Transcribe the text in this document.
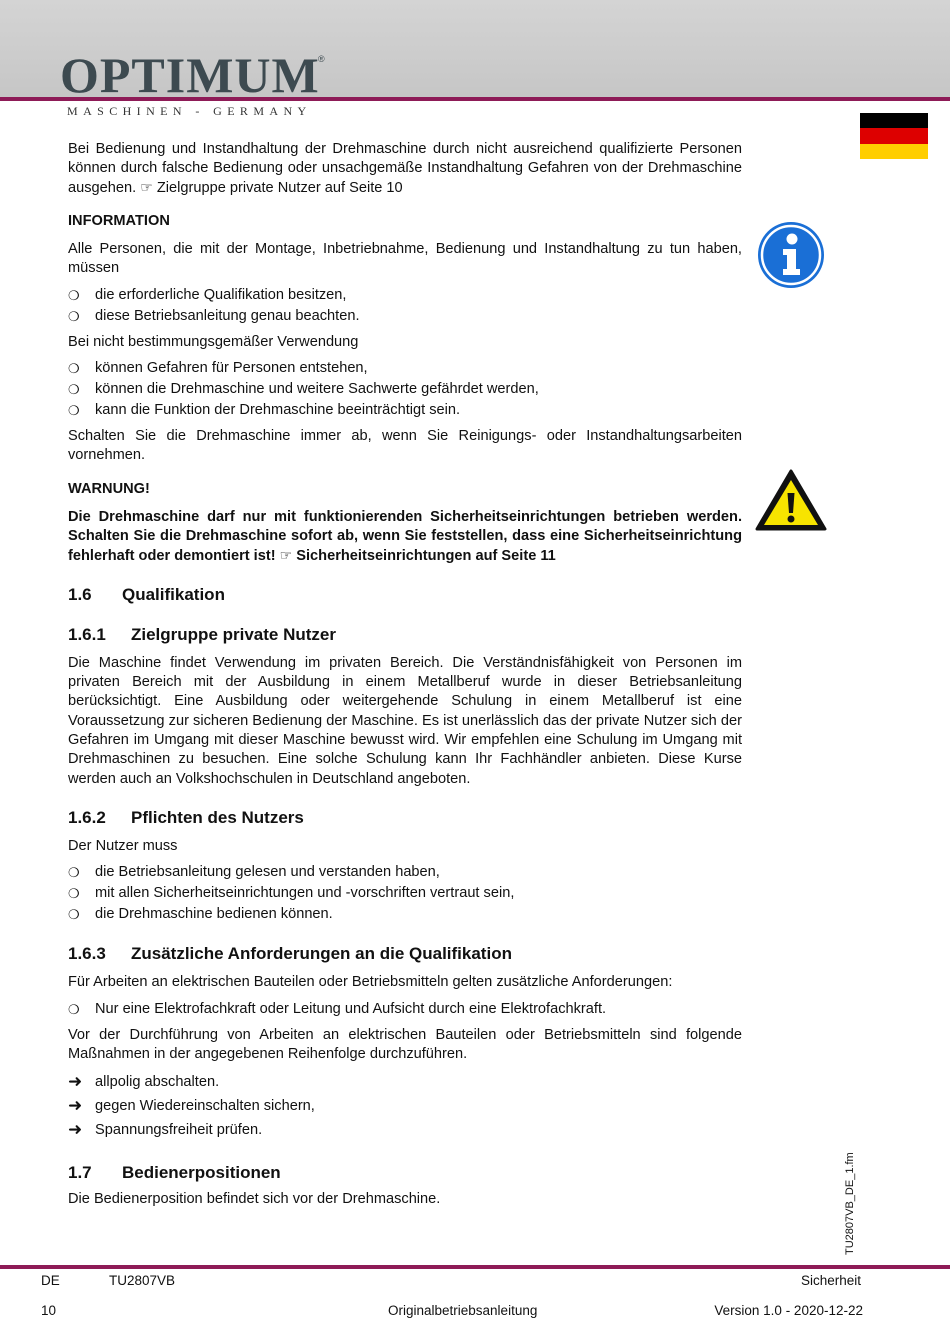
OPTIMUM
®
MASCHINEN - GERMANY

Bei Bedienung und Instandhaltung der Drehmaschine durch nicht ausreichend qualifizierte Personen können durch falsche Bedienung oder unsachgemäße Instandhaltung Gefahren von der Drehmaschine ausgehen. ☞ Zielgruppe private Nutzer auf Seite 10

INFORMATION

Alle Personen, die mit der Montage, Inbetriebnahme, Bedienung und Instandhaltung zu tun haben, müssen

❍ die erforderliche Qualifikation besitzen,
❍ diese Betriebsanleitung genau beachten.

Bei nicht bestimmungsgemäßer Verwendung

❍ können Gefahren für Personen entstehen,
❍ können die Drehmaschine und weitere Sachwerte gefährdet werden,
❍ kann die Funktion der Drehmaschine beeinträchtigt sein.

Schalten Sie die Drehmaschine immer ab, wenn Sie Reinigungs- oder Instandhaltungsarbeiten vornehmen.

WARNUNG!
Die Drehmaschine darf nur mit funktionierenden Sicherheitseinrichtungen betrieben werden. Schalten Sie die Drehmaschine sofort ab, wenn Sie feststellen, dass eine Sicherheitseinrichtung fehlerhaft oder demontiert ist! ☞ Sicherheitseinrichtungen auf Seite 11
1.6 Qualifikation
1.6.1 Zielgruppe private Nutzer

Die Maschine findet Verwendung im privaten Bereich. Die Verständnisfähigkeit von Personen im privaten Bereich mit der Ausbildung in einem Metallberuf wurde in dieser Betriebsanleitung berücksichtigt. Eine Ausbildung oder weitergehende Schulung in einem Metallberuf ist eine Voraussetzung zur sicheren Bedienung der Maschine. Es ist unerlässlich das der private Nutzer sich der Gefahren im Umgang mit dieser Maschine bewusst wird. Wir empfehlen eine Schulung im Umgang mit Drehmaschinen zu besuchen. Eine solche Schulung kann Ihr Fachhändler anbieten. Diese Kurse werden auch an Volkshochschulen in Deutschland angeboten.

1.6.2 Pflichten des Nutzers

Der Nutzer muss

❍ die Betriebsanleitung gelesen und verstanden haben,
❍ mit allen Sicherheitseinrichtungen und -vorschriften vertraut sein,
❍ die Drehmaschine bedienen können.
1.6.3 Zusätzliche Anforderungen an die Qualifikation

Für Arbeiten an elektrischen Bauteilen oder Betriebsmitteln gelten zusätzliche Anforderungen:

❍ Nur eine Elektrofachkraft oder Leitung und Aufsicht durch eine Elektrofachkraft.

Vor der Durchführung von Arbeiten an elektrischen Bauteilen oder Betriebsmitteln sind folgende Maßnahmen in der angegebenen Reihenfolge durchzuführen.

➜ allpolig abschalten.
➜ gegen Wiedereinschalten sichern,
➜ Spannungsfreiheit prüfen.
1.7 Bedienerpositionen

Die Bedienerposition befindet sich vor der Drehmaschine.	TU2807VB_DE_1.fm
DE	TU2807VB	Sicherheit
10	Originalbetriebsanleitung	Version 1.0 - 2020-12-22
